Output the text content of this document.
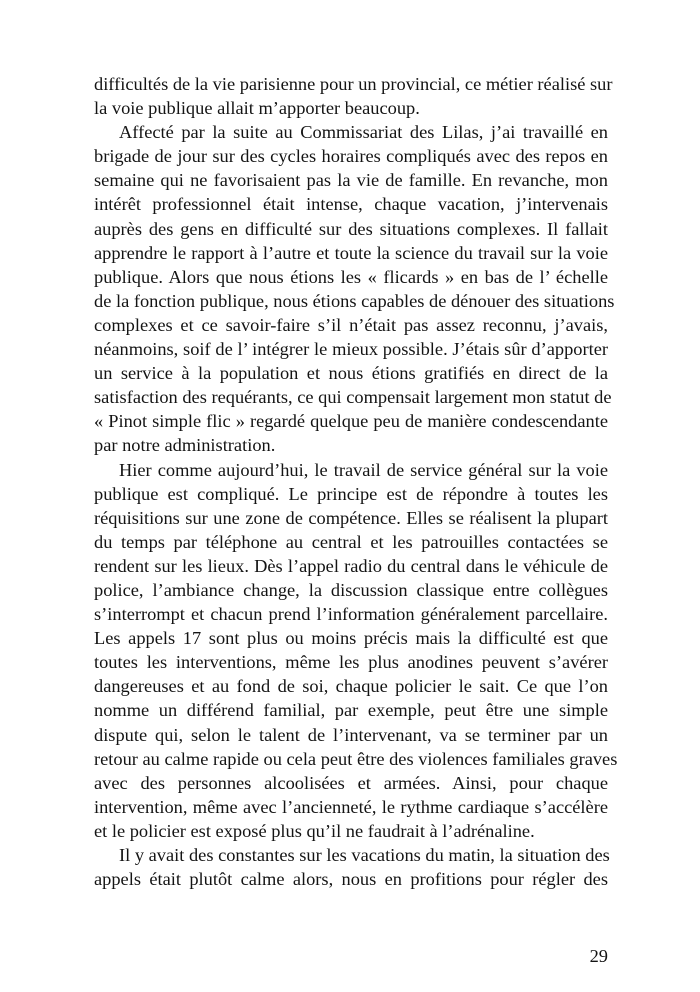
difficultés de la vie parisienne pour un provincial, ce métier réalisé sur
la voie publique allait m’apporter beaucoup.
Affecté par la suite au Commissariat des Lilas, j’ai travaillé en
brigade de jour sur des cycles horaires compliqués avec des repos en
semaine qui ne favorisaient pas la vie de famille. En revanche, mon
intérêt professionnel était intense, chaque vacation, j’intervenais
auprès des gens en difficulté sur des situations complexes. Il fallait
apprendre le rapport à l’autre et toute la science du travail sur la voie
publique. Alors que nous étions les « flicards » en bas de l’ échelle
de la fonction publique, nous étions capables de dénouer des situations
complexes et ce savoir-faire s’il n’était pas assez reconnu, j’avais,
néanmoins, soif de l’ intégrer le mieux possible. J’étais sûr d’apporter
un service à la population et nous étions gratifiés en direct de la
satisfaction des requérants, ce qui compensait largement mon statut de
« Pinot simple flic » regardé quelque peu de manière condescendante
par notre administration.
Hier comme aujourd’hui, le travail de service général sur la voie
publique est compliqué. Le principe est de répondre à toutes les
réquisitions sur une zone de compétence. Elles se réalisent la plupart
du temps par téléphone au central et les patrouilles contactées se
rendent sur les lieux. Dès l’appel radio du central dans le véhicule de
police, l’ambiance change, la discussion classique entre collègues
s’interrompt et chacun prend l’information généralement parcellaire.
Les appels 17 sont plus ou moins précis mais la difficulté est que
toutes les interventions, même les plus anodines peuvent s’avérer
dangereuses et au fond de soi, chaque policier le sait. Ce que l’on
nomme un différend familial, par exemple, peut être une simple
dispute qui, selon le talent de l’intervenant, va se terminer par un
retour au calme rapide ou cela peut être des violences familiales graves
avec des personnes alcoolisées et armées. Ainsi, pour chaque
intervention, même avec l’ancienneté, le rythme cardiaque s’accélère
et le policier est exposé plus qu’il ne faudrait à l’adrénaline.
Il y avait des constantes sur les vacations du matin, la situation des
appels était plutôt calme alors, nous en profitions pour régler des
29
